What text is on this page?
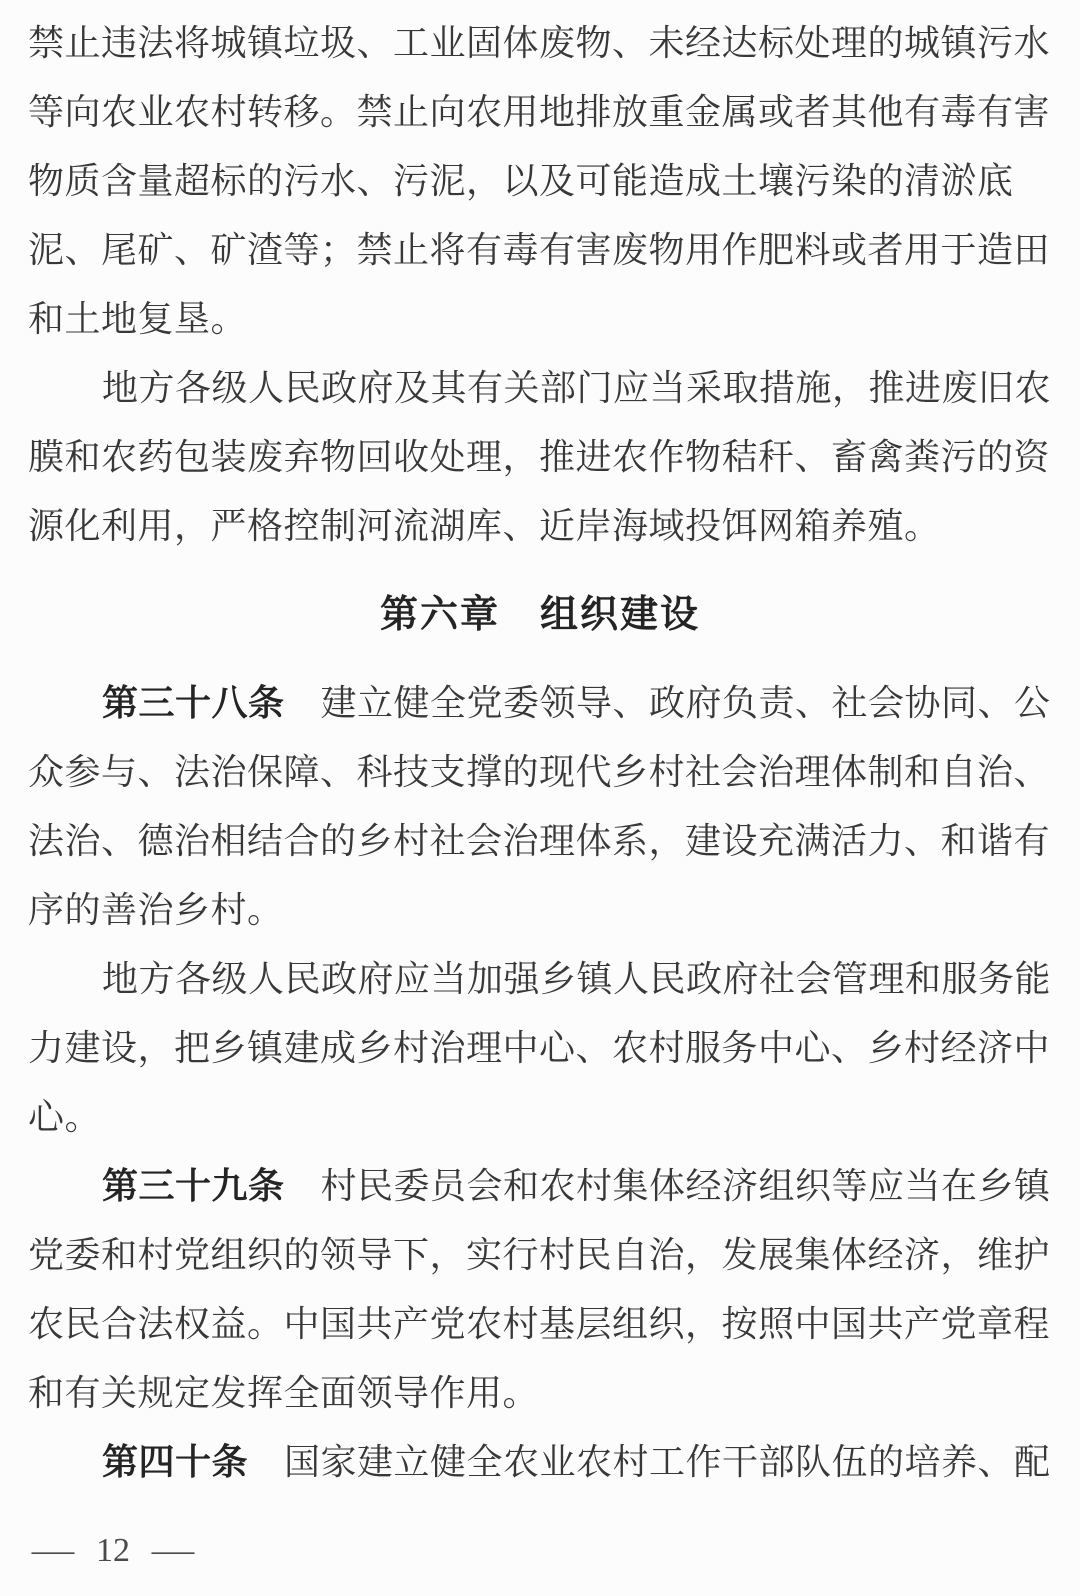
禁止违法将城镇垃圾、工业固体废物、未经达标处理的城镇污水
等向农业农村转移。禁止向农用地排放重金属或者其他有毒有害
物质含量超标的污水、污泥，以及可能造成土壤污染的清淤底
泥、尾矿、矿渣等；禁止将有毒有害废物用作肥料或者用于造田
和土地复垦。
地方各级人民政府及其有关部门应当采取措施，推进废旧农
膜和农药包装废弃物回收处理，推进农作物秸秆、畜禽粪污的资
源化利用，严格控制河流湖库、近岸海域投饵网箱养殖。
第六章　组织建设
第三十八条 建立健全党委领导、政府负责、社会协同、公
众参与、法治保障、科技支撑的现代乡村社会治理体制和自治、
法治、德治相结合的乡村社会治理体系，建设充满活力、和谐有
序的善治乡村。
地方各级人民政府应当加强乡镇人民政府社会管理和服务能
力建设，把乡镇建成乡村治理中心、农村服务中心、乡村经济中
心。
第三十九条 村民委员会和农村集体经济组织等应当在乡镇
党委和村党组织的领导下，实行村民自治，发展集体经济，维护
农民合法权益。中国共产党农村基层组织，按照中国共产党章程
和有关规定发挥全面领导作用。
第四十条 国家建立健全农业农村工作干部队伍的培养、配
— 12 —
